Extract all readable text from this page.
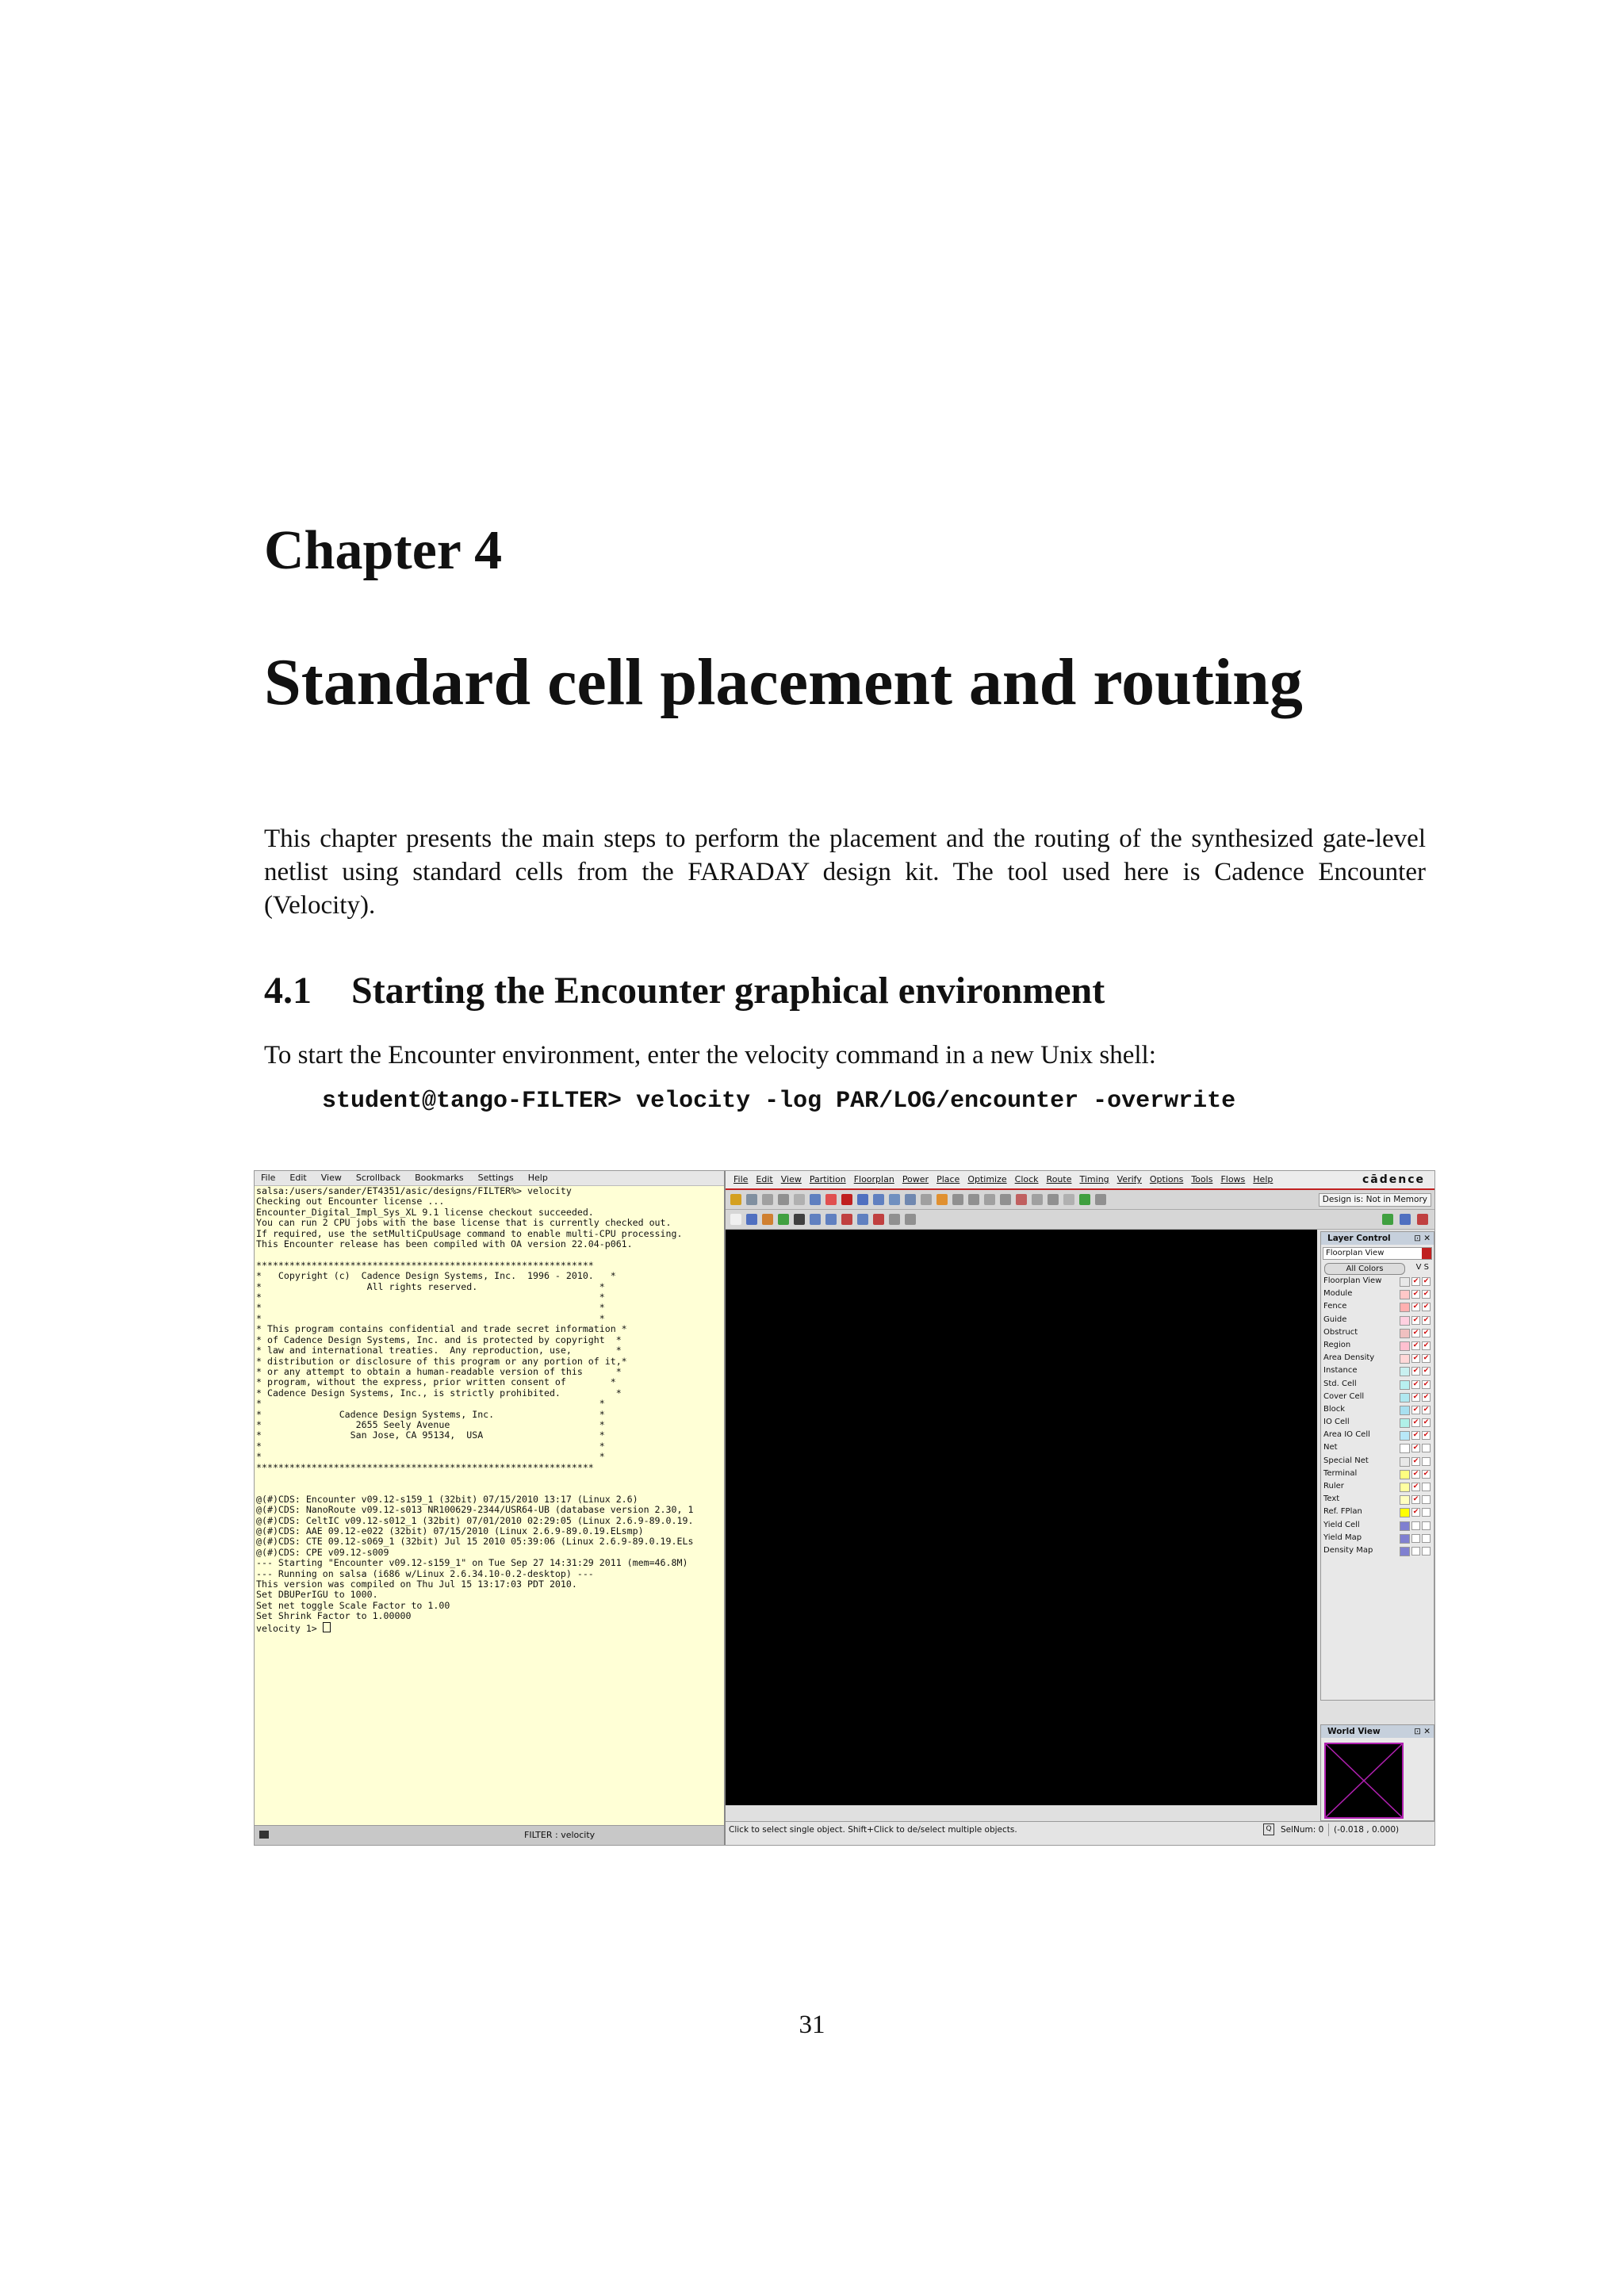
Chapter 4
Standard cell placement and routing
This chapter presents the main steps to perform the placement and the routing of the synthesized gate-level netlist using standard cells from the FARADAY design kit. The tool used here is Cadence Encounter (Velocity).
4.1 Starting the Encounter graphical environment
To start the Encounter environment, enter the velocity command in a new Unix shell:
student@tango-FILTER> velocity -log PAR/LOG/encounter -overwrite
File Edit View Scrollback Bookmarks Settings Help
salsa:/users/sander/ET4351/asic/designs/FILTER%> velocity
Checking out Encounter license ...
Encounter_Digital_Impl_Sys_XL 9.1 license checkout succeeded.
You can run 2 CPU jobs with the base license that is currently checked out.
If required, use the setMultiCpuUsage command to enable multi-CPU processing.
This Encounter release has been compiled with OA version 22.04-p061.

*************************************************************
*   Copyright (c)  Cadence Design Systems, Inc.  1996 - 2010.   *
*                   All rights reserved.                      *
*                                                             *
*                                                             *
*                                                             *
* This program contains confidential and trade secret information *
* of Cadence Design Systems, Inc. and is protected by copyright  *
* law and international treaties.  Any reproduction, use,        *
* distribution or disclosure of this program or any portion of it,*
* or any attempt to obtain a human-readable version of this      *
* program, without the express, prior written consent of        *
* Cadence Design Systems, Inc., is strictly prohibited.          *
*                                                             *
*              Cadence Design Systems, Inc.                   *
*                 2655 Seely Avenue                           *
*                San Jose, CA 95134,  USA                     *
*                                                             *
*                                                             *
*************************************************************

@(#)CDS: Encounter v09.12-s159_1 (32bit) 07/15/2010 13:17 (Linux 2.6)
@(#)CDS: NanoRoute v09.12-s013 NR100629-2344/USR64-UB (database version 2.30, 1
@(#)CDS: CeltIC v09.12-s012_1 (32bit) 07/01/2010 02:29:05 (Linux 2.6.9-89.0.19.
@(#)CDS: AAE 09.12-e022 (32bit) 07/15/2010 (Linux 2.6.9-89.0.19.ELsmp)
@(#)CDS: CTE 09.12-s069_1 (32bit) Jul 15 2010 05:39:06 (Linux 2.6.9-89.0.19.ELs
@(#)CDS: CPE v09.12-s009
--- Starting "Encounter v09.12-s159_1" on Tue Sep 27 14:31:29 2011 (mem=46.8M)
--- Running on salsa (i686 w/Linux 2.6.34.10-0.2-desktop) ---
This version was compiled on Thu Jul 15 13:17:03 PDT 2010.
Set DBUPerIGU to 1000.
Set net toggle Scale Factor to 1.00
Set Shrink Factor to 1.00000
velocity 1>
FILTER : velocity
File Edit View Partition Floorplan Power Place Optimize Clock Route Timing Verify Options Tools Flows Help	cādence
Design is: Not in Memory
Layer Control	⊡ ✕
Floorplan View
All Colors	V S
Floorplan View	✔ ✔
Module	✔ ✔
Fence	✔ ✔
Guide	✔ ✔
Obstruct	✔ ✔
Region	✔ ✔
Area Density	✔ ✔
Instance	✔ ✔
Std. Cell	✔ ✔
Cover Cell	✔ ✔
Block	✔ ✔
IO Cell	✔ ✔
Area IO Cell	✔ ✔
Net	✔
Special Net	✔
Terminal	✔ ✔
Ruler	✔
Text	✔
Ref. FPlan	✔
Yield Cell
Yield Map
Density Map
World View	⊡ ✕
Click to select single object. Shift+Click to de/select multiple objects.	Q	SelNum: 0	(-0.018 , 0.000)
31
